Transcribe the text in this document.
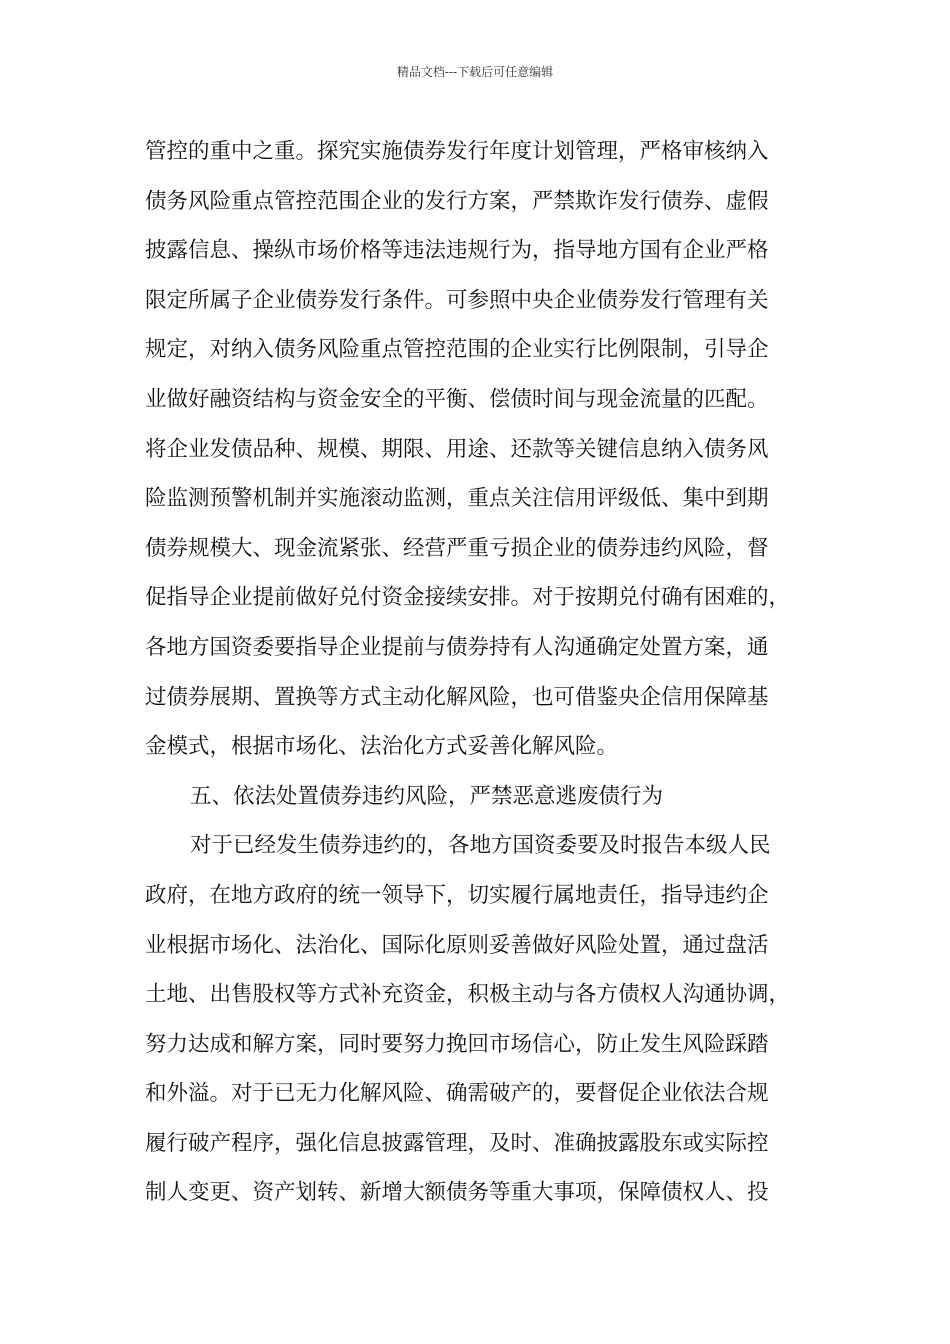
精品文档---下载后可任意编辑
管控的重中之重。探究实施债券发行年度计划管理，严格审核纳入
债务风险重点管控范围企业的发行方案，严禁欺诈发行债券、虚假
披露信息、操纵市场价格等违法违规行为，指导地方国有企业严格
限定所属子企业债券发行条件。可参照中央企业债券发行管理有关
规定，对纳入债务风险重点管控范围的企业实行比例限制，引导企
业做好融资结构与资金安全的平衡、偿债时间与现金流量的匹配。
将企业发债品种、规模、期限、用途、还款等关键信息纳入债务风
险监测预警机制并实施滚动监测，重点关注信用评级低、集中到期
债券规模大、现金流紧张、经营严重亏损企业的债券违约风险，督
促指导企业提前做好兑付资金接续安排。对于按期兑付确有困难的，
各地方国资委要指导企业提前与债券持有人沟通确定处置方案，通
过债券展期、置换等方式主动化解风险，也可借鉴央企信用保障基
金模式，根据市场化、法治化方式妥善化解风险。
五、依法处置债券违约风险，严禁恶意逃废债行为
对于已经发生债券违约的，各地方国资委要及时报告本级人民
政府，在地方政府的统一领导下，切实履行属地责任，指导违约企
业根据市场化、法治化、国际化原则妥善做好风险处置，通过盘活
土地、出售股权等方式补充资金，积极主动与各方债权人沟通协调，
努力达成和解方案，同时要努力挽回市场信心，防止发生风险踩踏
和外溢。对于已无力化解风险、确需破产的，要督促企业依法合规
履行破产程序，强化信息披露管理，及时、准确披露股东或实际控
制人变更、资产划转、新增大额债务等重大事项，保障债权人、投
